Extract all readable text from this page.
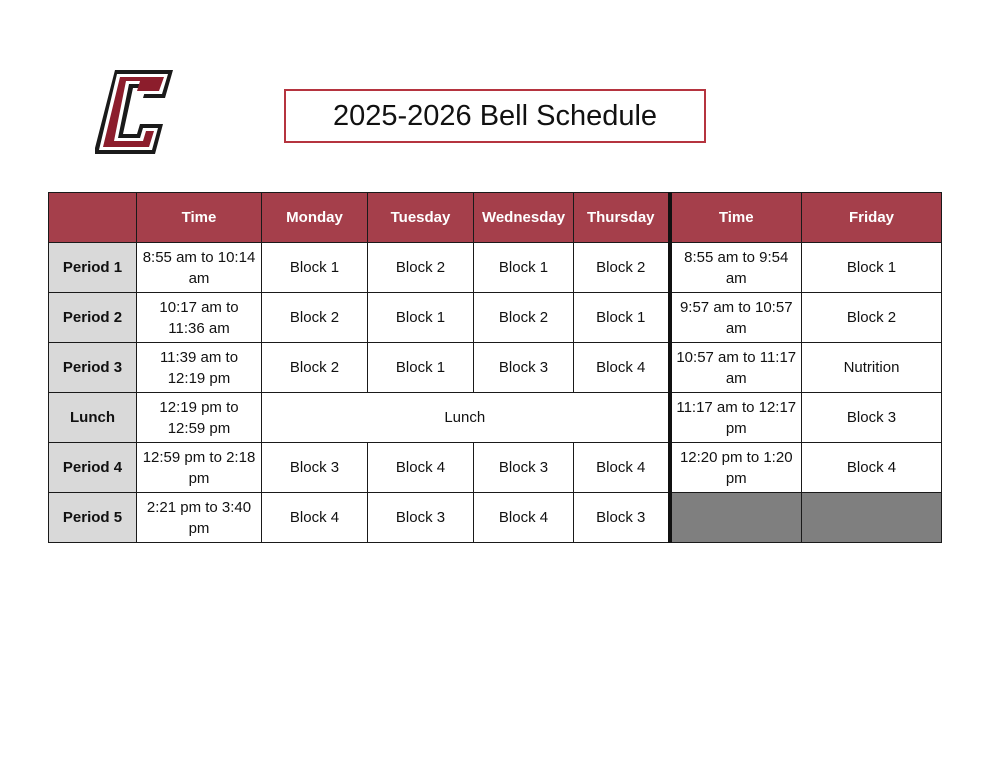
2025-2026 Bell Schedule
	Time	Monday	Tuesday	Wednesday	Thursday	Time	Friday
Period 1	8:55 am to 10:14 am	Block 1	Block 2	Block 1	Block 2	8:55 am to 9:54 am	Block 1
Period 2	10:17 am to 11:36 am	Block 2	Block 1	Block 2	Block 1	9:57 am to 10:57 am	Block 2
Period 3	11:39 am to 12:19 pm	Block 2	Block 1	Block 3	Block 4	10:57 am to 11:17 am	Nutrition
Lunch	12:19 pm to 12:59 pm	Lunch				11:17 am to 12:17 pm	Block 3
Period 4	12:59 pm to 2:18 pm	Block 3	Block 4	Block 3	Block 4	12:20 pm to 1:20 pm	Block 4
Period 5	2:21 pm to 3:40 pm	Block 4	Block 3	Block 4	Block 3		
